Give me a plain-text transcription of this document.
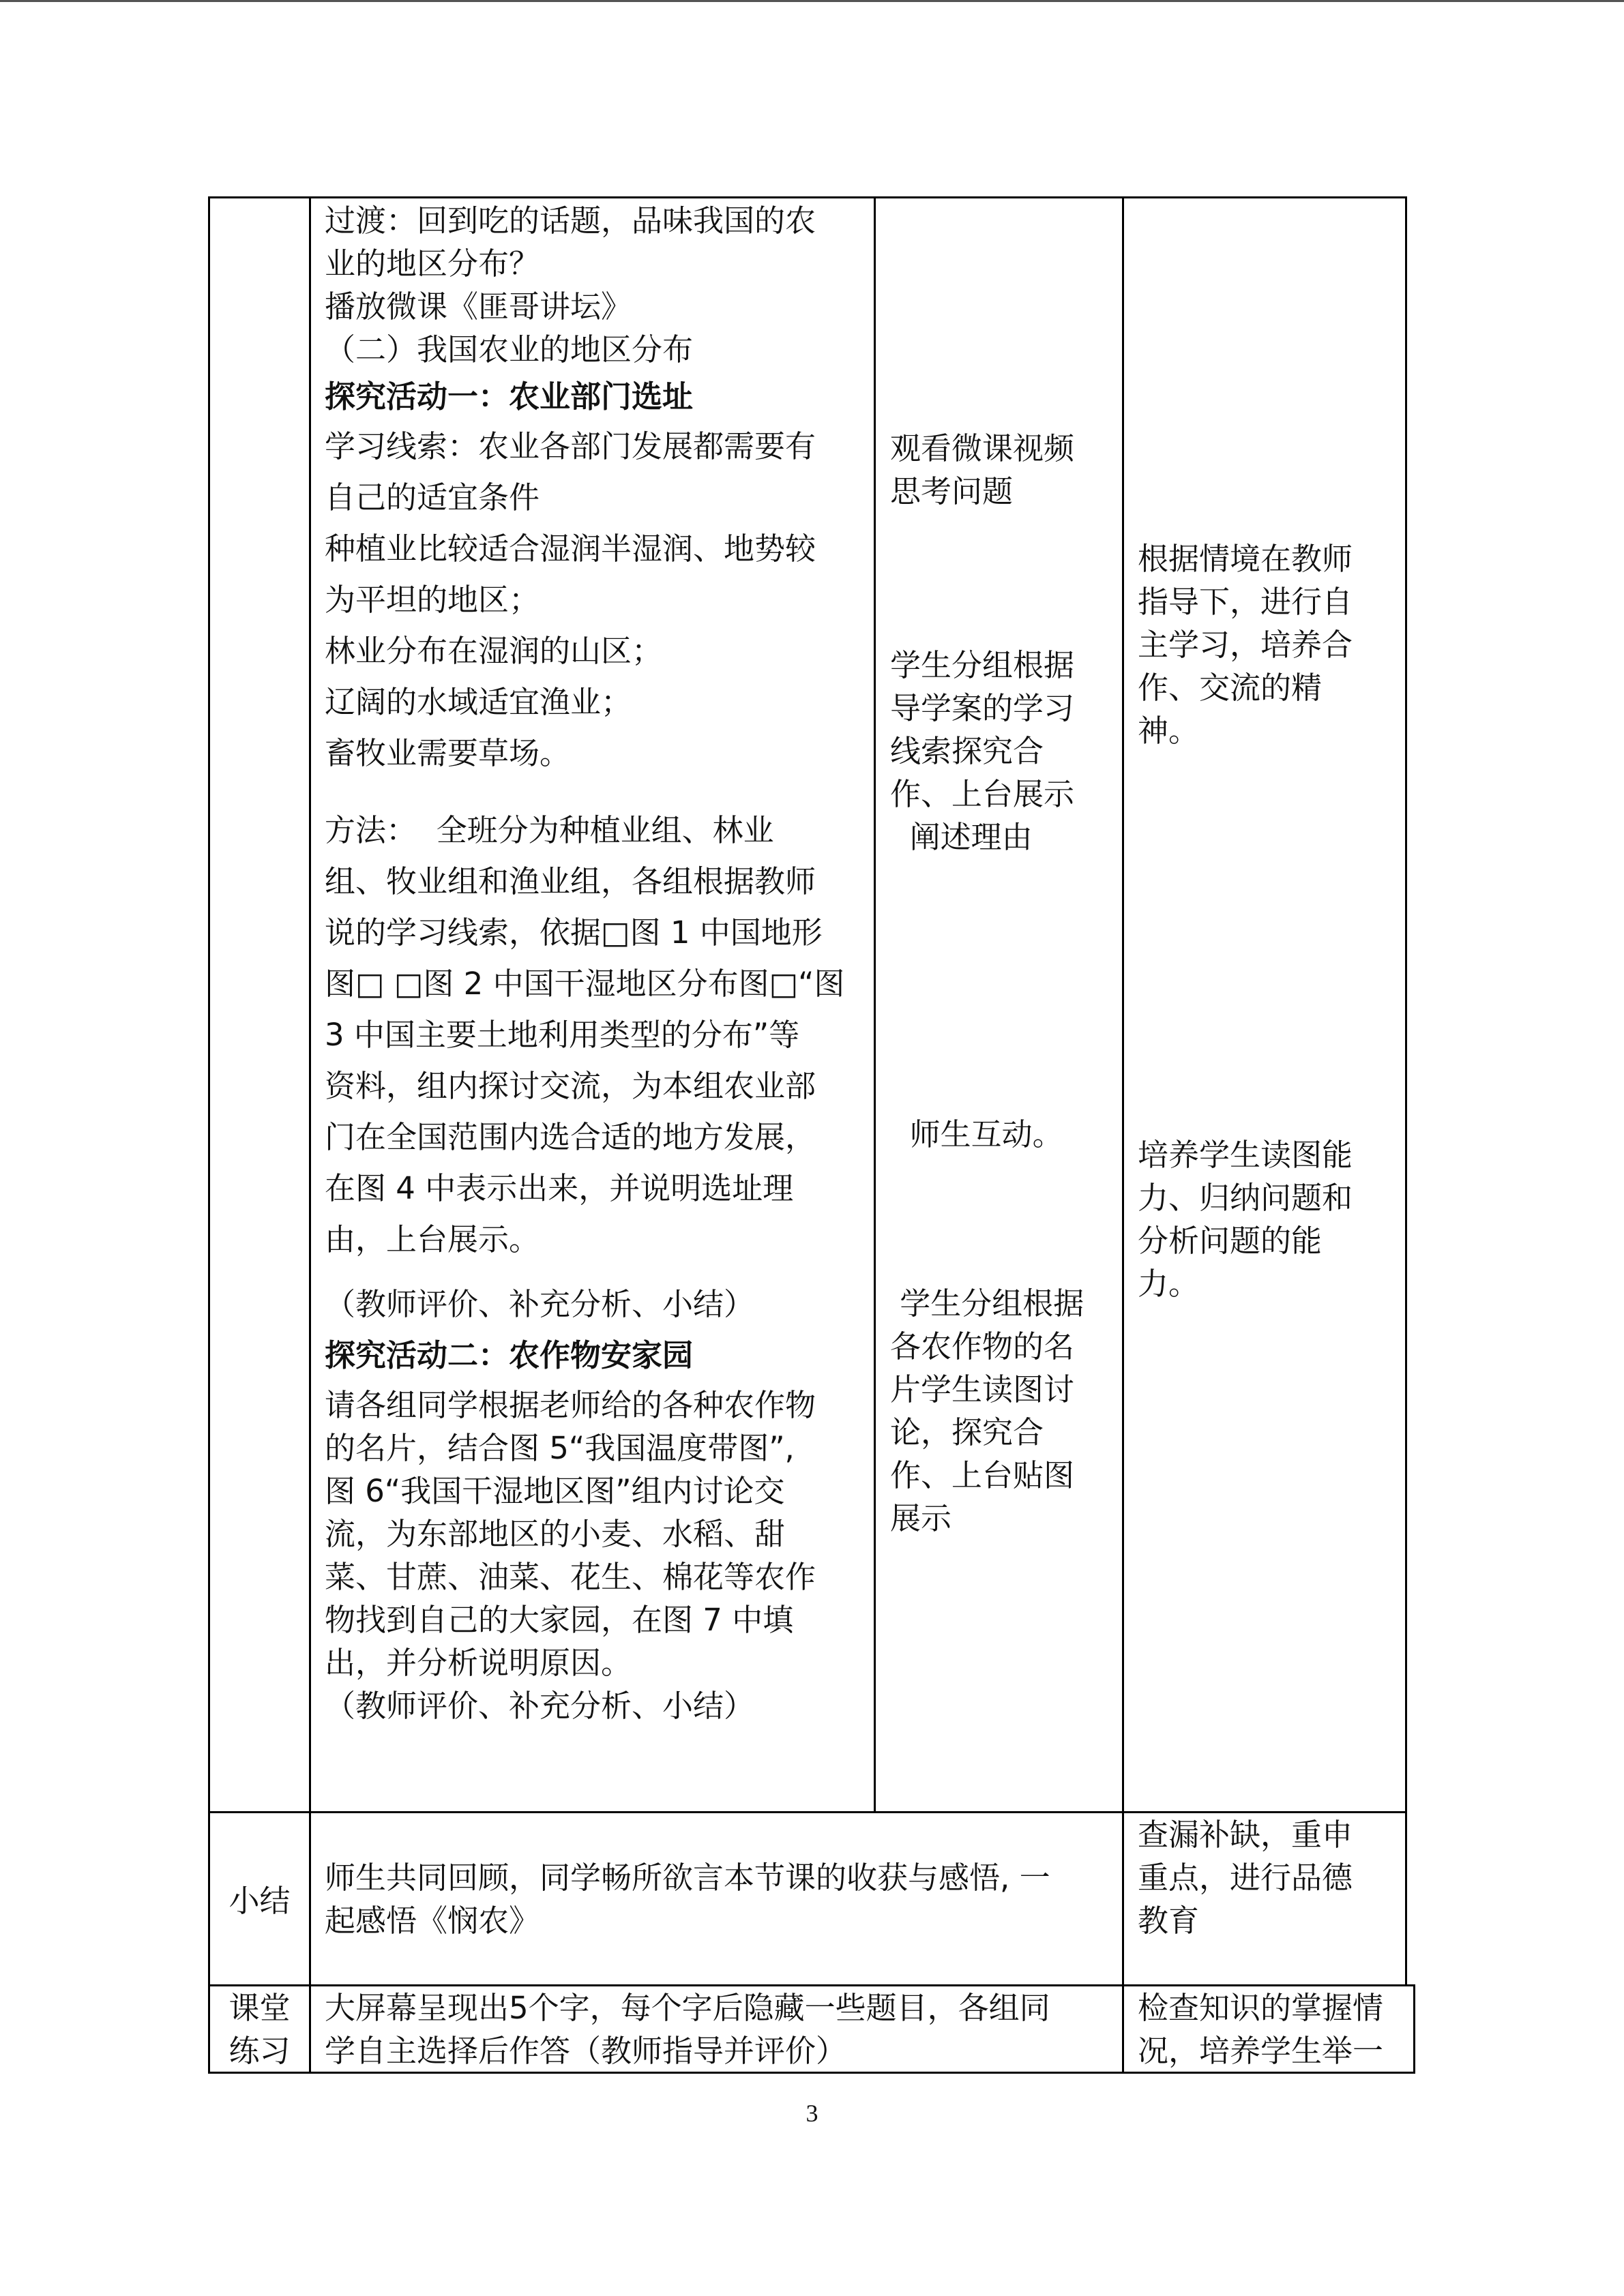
过渡：回到吃的话题，品味我国的农

业的地区分布？

播放微课《匪哥讲坛》

（二）我国农业的地区分布

探究活动一：农业部门选址

学习线索：农业各部门发展都需要有

自己的适宜条件

种植业比较适合湿润半湿润、地势较

为平坦的地区；

林业分布在湿润的山区；

辽阔的水域适宜渔业；

畜牧业需要草场。

方法：  全班分为种植业组、林业

组、牧业组和渔业组，各组根据教师

说的学习线索，依据□图 1 中国地形

图□ □图 2 中国干湿地区分布图□“图

3 中国主要土地利用类型的分布”等

资料，组内探讨交流，为本组农业部

门在全国范围内选合适的地方发展，

在图 4 中表示出来，并说明选址理

由，上台展示。

（教师评价、补充分析、小结）

探究活动二：农作物安家园

请各组同学根据老师给的各种农作物

的名片，结合图 5“我国温度带图”,

图 6“我国干湿地区图”组内讨论交

流，为东部地区的小麦、水稻、甜

菜、甘蔗、油菜、花生、棉花等农作

物找到自己的大家园，在图 7 中填

出，并分析说明原因。

（教师评价、补充分析、小结）

观看微课视频

思考问题

学生分组根据

导学案的学习

线索探究合

作、上台展示

阐述理由

师生互动。

学生分组根据

各农作物的名

片学生读图讨

论，探究合

作、上台贴图

展示

根据情境在教师

指导下，进行自

主学习，培养合

作、交流的精

神。

培养学生读图能

力、归纳问题和

分析问题的能

力。

小结

师生共同回顾，同学畅所欲言本节课的收获与感悟, 一

起感悟《悯农》

查漏补缺，重申

重点，进行品德

教育

课堂

练习

大屏幕呈现出5个字，每个字后隐藏一些题目，各组同

学自主选择后作答（教师指导并评价）

检查知识的掌握情

况，培养学生举一

3
